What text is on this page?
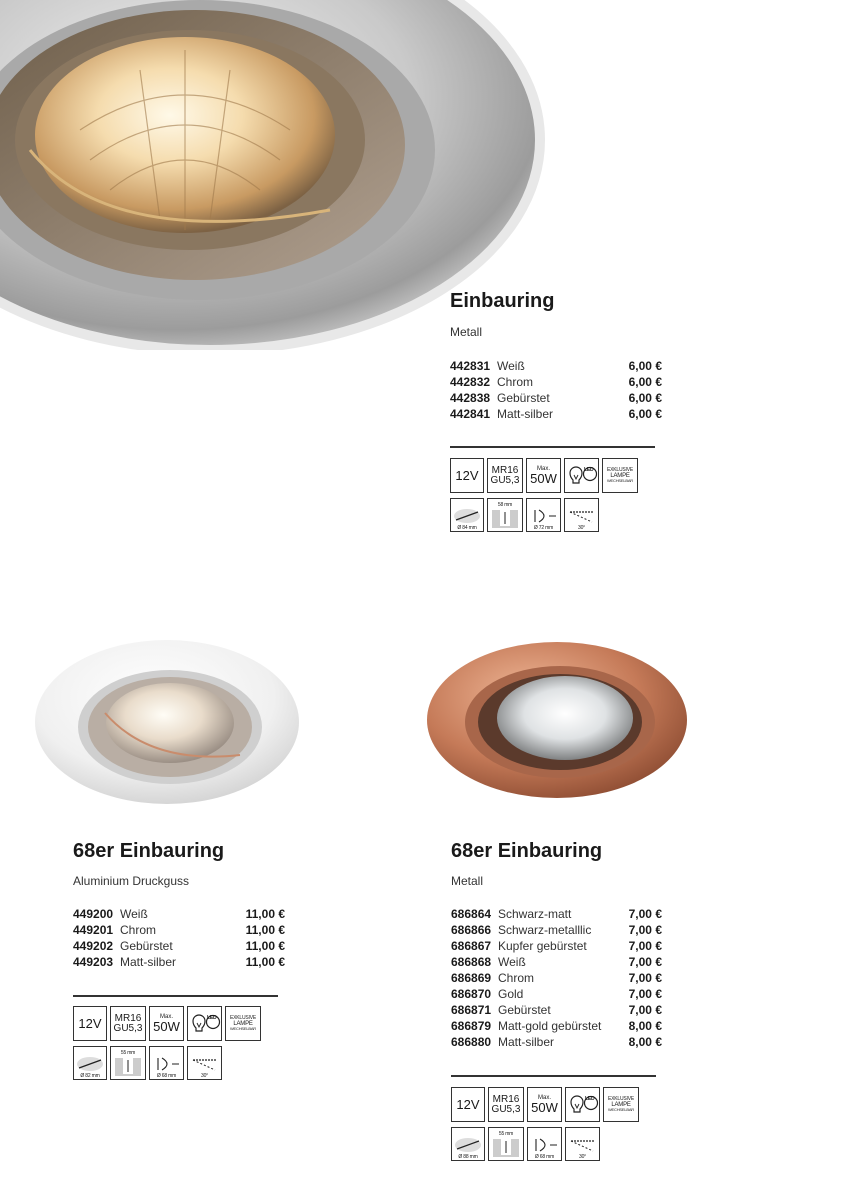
Einbauring
Metall
442831 Weiß	6,00 €
442832 Chrom	6,00 €
442838 Gebürstet	6,00 €
442841 Matt-silber	6,00 €
12V MR16
GU5,3
Max.
50W
LED	EXKLUSIVE
LAMPE
WECHSELBAR
Ø 84 mm
58 mm
Ø 72 mm	30°
68er Einbauring
Aluminium Druckguss
449200 Weiß	11,00 €
449201 Chrom	11,00 €
449202 Gebürstet	11,00 €
449203 Matt-silber	11,00 €
12V MR16
GU5,3
Max.
50W
LED	EXKLUSIVE
LAMPE
WECHSELBAR
Ø 82 mm
55 mm
Ø 68 mm	30°
68er Einbauring
Metall
686864 Schwarz-matt	7,00 €
686866 Schwarz-metalllic	7,00 €
686867 Kupfer gebürstet	7,00 €
686868 Weiß	7,00 €
686869 Chrom	7,00 €
686870 Gold	7,00 €
686871 Gebürstet	7,00 €
686879 Matt-gold gebürstet 8,00 €
686880 Matt-silber	8,00 €
12V MR16
GU5,3
Max.
50W
LED	EXKLUSIVE
LAMPE
WECHSELBAR
Ø 88 mm
55 mm
Ø 68 mm	30°
